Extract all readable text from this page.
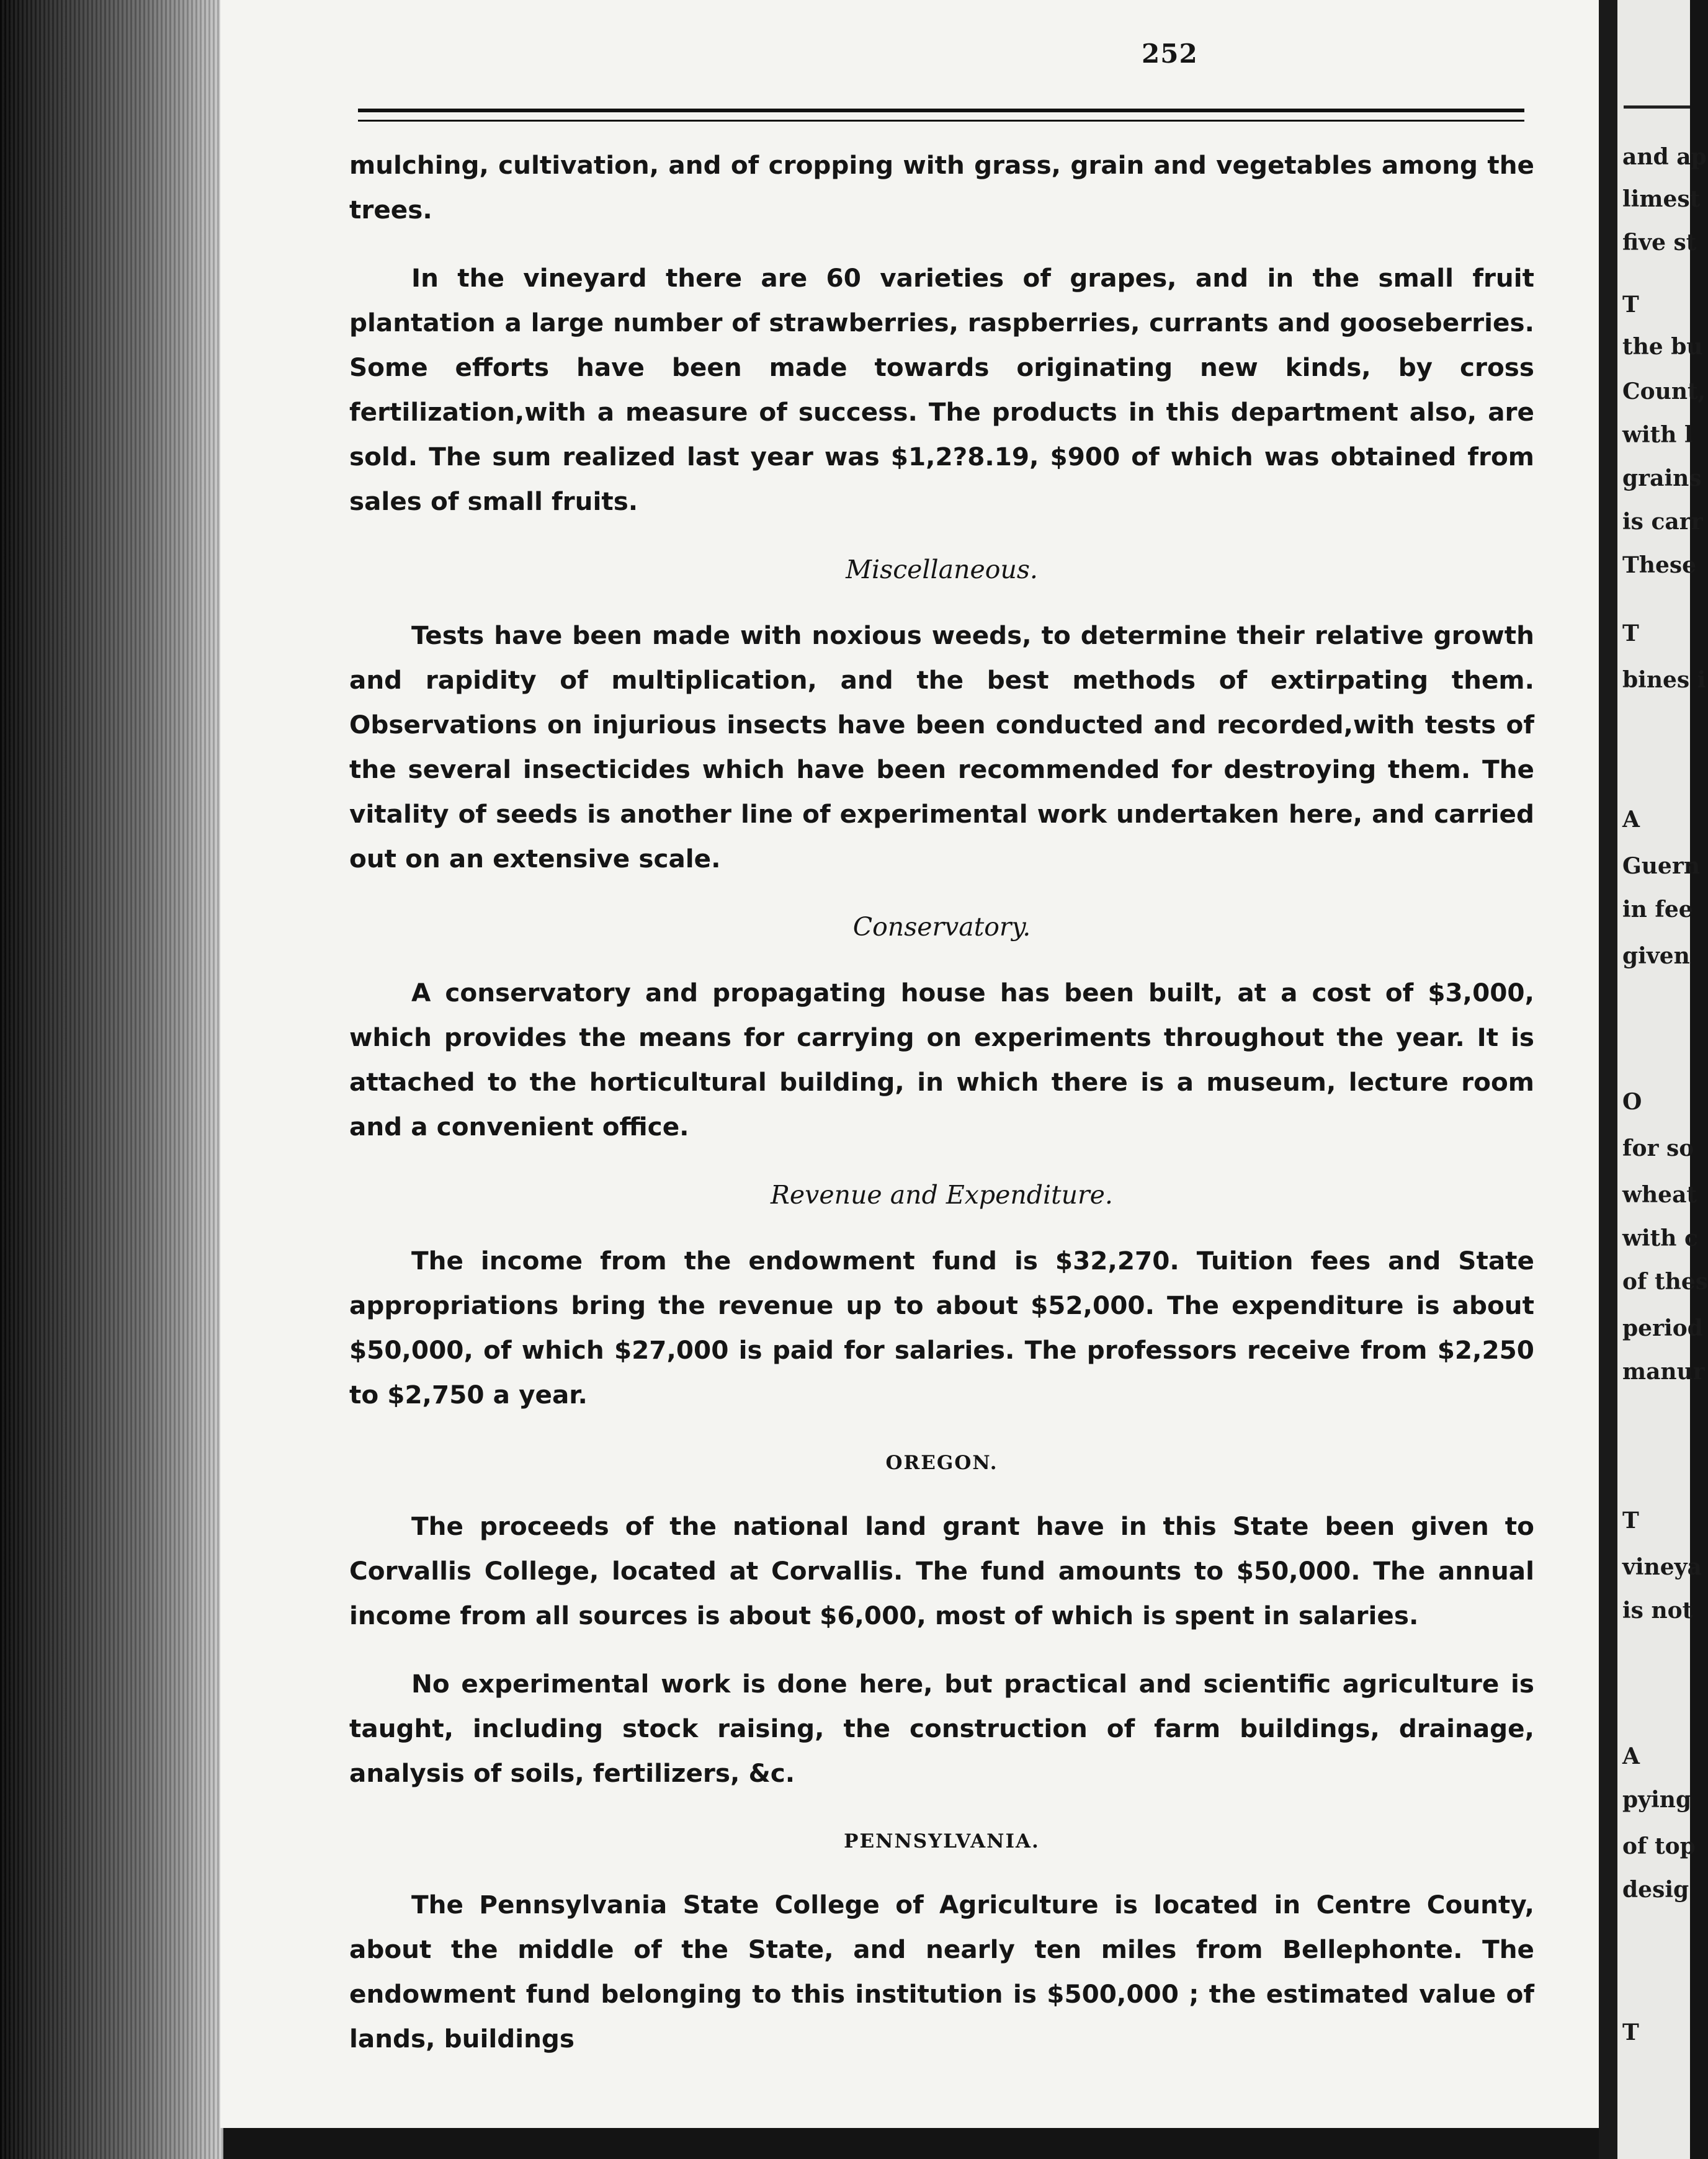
252

mulching, cultivation, and of cropping with grass, grain and vegetables among the trees.

In the vineyard there are 60 varieties of grapes, and in the small fruit plantation a large number of strawberries, raspberries, currants and gooseberries. Some efforts have been made towards originating new kinds, by cross fertilization,with a measure of success. The products in this department also, are sold. The sum realized last year was $1,2?8.19, $900 of which was obtained from sales of small fruits.

Miscellaneous.

Tests have been made with noxious weeds, to determine their relative growth and rapidity of multiplication, and the best methods of extirpating them. Observations on injurious insects have been conducted and recorded,with tests of the several insecticides which have been recommended for destroying them. The vitality of seeds is another line of experimental work undertaken here, and carried out on an extensive scale.

Conservatory.

A conservatory and propagating house has been built, at a cost of $3,000, which provides the means for carrying on experiments throughout the year. It is attached to the horticultural building, in which there is a museum, lecture room and a convenient office.

Revenue and Expenditure.

The income from the endowment fund is $32,270. Tuition fees and State appropriations bring the revenue up to about $52,000. The expenditure is about $50,000, of which $27,000 is paid for salaries. The professors receive from $2,250 to $2,750 a year.

OREGON.

The proceeds of the national land grant have in this State been given to Corvallis College, located at Corvallis. The fund amounts to $50,000. The annual income from all sources is about $6,000, most of which is spent in salaries.

No experimental work is done here, but practical and scientific agriculture is taught, including stock raising, the construction of farm buildings, drainage, analysis of soils, fertilizers, &c.

PENNSYLVANIA.

The Pennsylvania State College of Agriculture is located in Centre County, about the middle of the State, and nearly ten miles from Bellephonte. The endowment fund belonging to this institution is $500,000 ; the estimated value of lands, buildings

and ap
limest
five st
T
the bu
Count,
with l
grains
is carr
These
T
bines i
A
Guern
in fee
given
O
for so
wheat
with c
of thes
period
manur
T
vineya
is not
A
pying
of top
desig
T
